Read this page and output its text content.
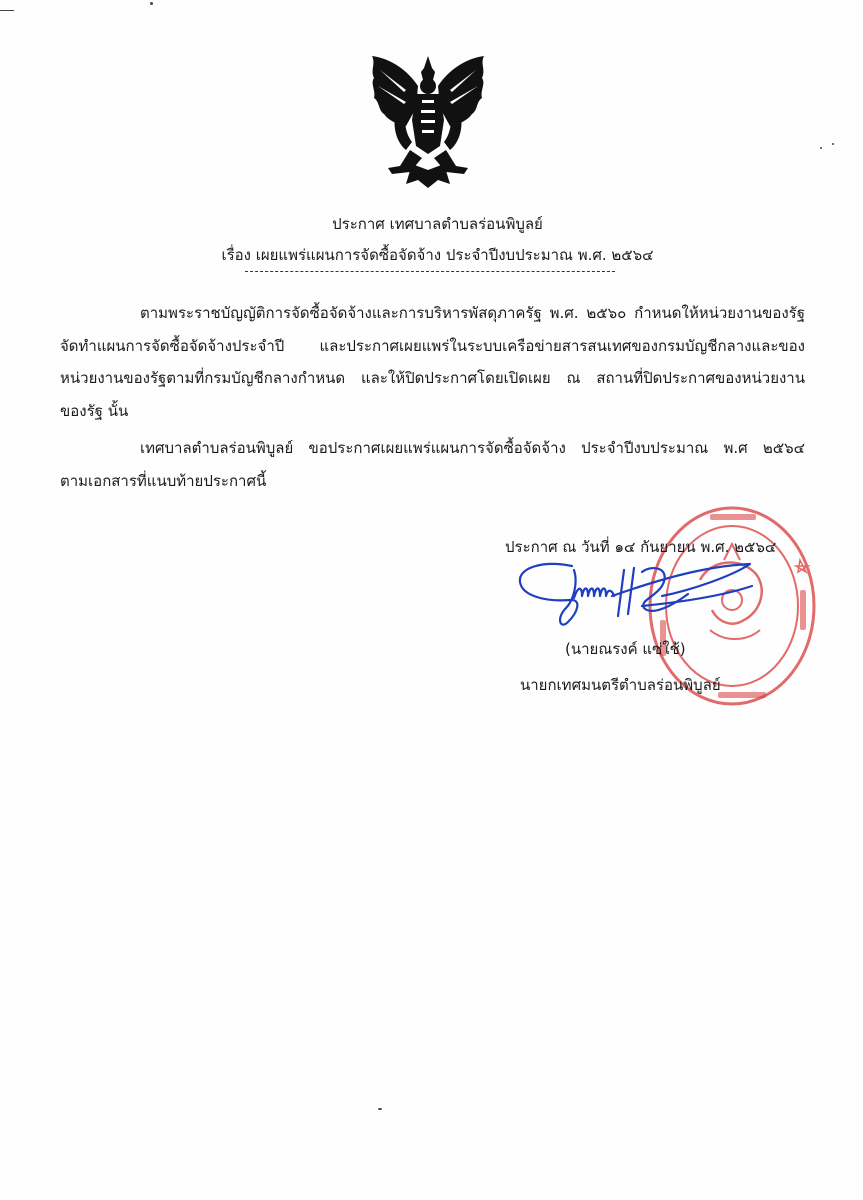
ประกาศ เทศบาลตำบลร่อนพิบูลย์
เรื่อง เผยแพร่แผนการจัดซื้อจัดจ้าง ประจำปีงบประมาณ พ.ศ. ๒๕๖๔
ตามพระราชบัญญัติการจัดซื้อจัดจ้างและการบริหารพัสดุภาครัฐ พ.ศ. ๒๕๖๐ กำหนดให้หน่วยงานของรัฐ
จัดทำแผนการจัดซื้อจัดจ้างประจำปี และประกาศเผยแพร่ในระบบเครือข่ายสารสนเทศของกรมบัญชีกลางและของ
หน่วยงานของรัฐตามที่กรมบัญชีกลางกำหนด และให้ปิดประกาศโดยเปิดเผย ณ สถานที่ปิดประกาศของหน่วยงาน
ของรัฐ นั้น
เทศบาลตำบลร่อนพิบูลย์ ขอประกาศเผยแพร่แผนการจัดซื้อจัดจ้าง ประจำปีงบประมาณ พ.ศ ๒๕๖๔
ตามเอกสารที่แนบท้ายประกาศนี้
ประกาศ ณ วันที่ ๑๔ กันยายน พ.ศ. ๒๕๖๔
(นายณรงค์ แซ่ใช้)
นายกเทศมนตรีตำบลร่อนพิบูลย์
